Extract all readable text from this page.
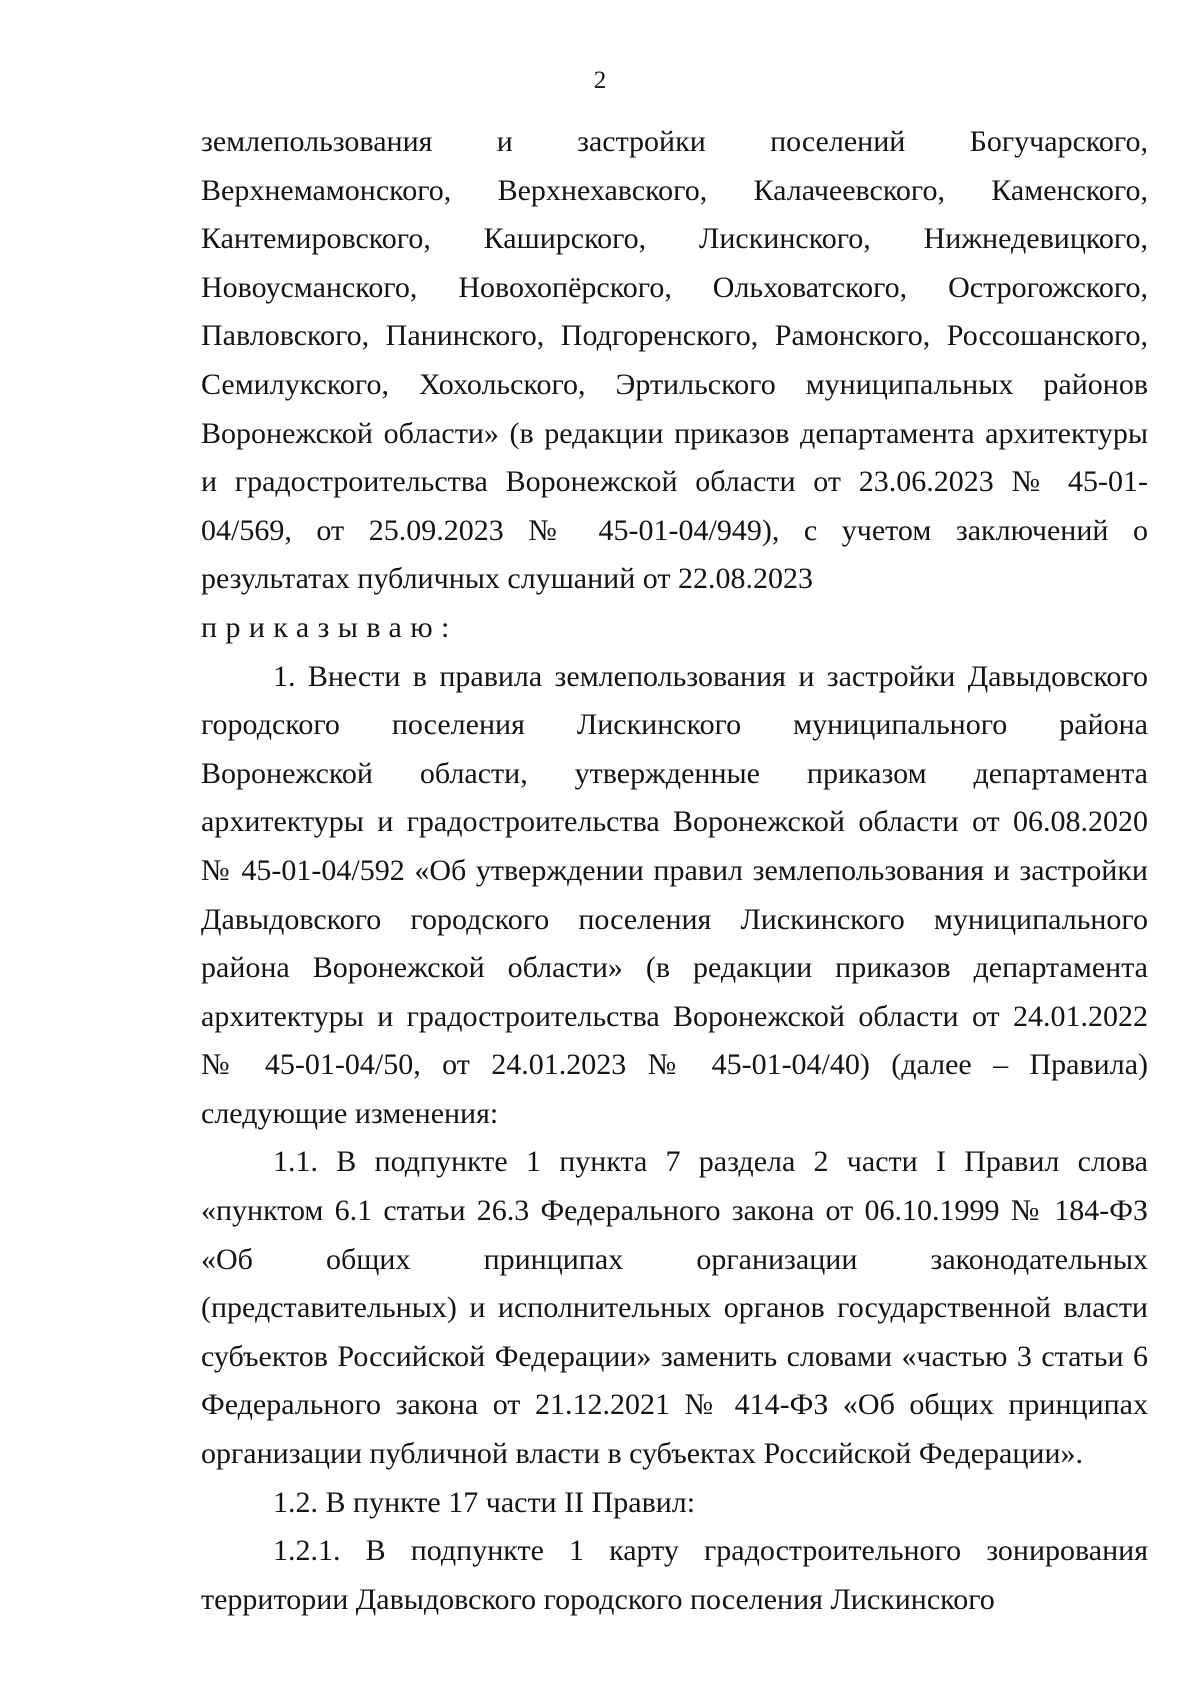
2

землепользования и застройки поселений Богучарского, Верхнемамонского, Верхнехавского, Калачеевского, Каменского, Кантемировского, Каширского, Лискинского, Нижнедевицкого, Новоусманского, Новохопёрского, Ольховатского, Острогожского, Павловского, Панинского, Подгоренского, Рамонского, Россошанского, Семилукского, Хохольского, Эртильского муниципальных районов Воронежской области» (в редакции приказов департамента архитектуры и градостроительства Воронежской области от 23.06.2023 № 45-01-04/569, от 25.09.2023 № 45-01-04/949), с учетом заключений о результатах публичных слушаний от 22.08.2023

приказываю:

1. Внести в правила землепользования и застройки Давыдовского городского поселения Лискинского муниципального района Воронежской области, утвержденные приказом департамента архитектуры и градостроительства Воронежской области от 06.08.2020 № 45-01-04/592 «Об утверждении правил землепользования и застройки Давыдовского городского поселения Лискинского муниципального района Воронежской области» (в редакции приказов департамента архитектуры и градостроительства Воронежской области от 24.01.2022 № 45-01-04/50, от 24.01.2023 № 45-01-04/40) (далее – Правила) следующие изменения:

1.1. В подпункте 1 пункта 7 раздела 2 части I Правил слова «пунктом 6.1 статьи 26.3 Федерального закона от 06.10.1999 № 184-ФЗ «Об общих принципах организации законодательных (представительных) и исполнительных органов государственной власти субъектов Российской Федерации» заменить словами «частью 3 статьи 6 Федерального закона от 21.12.2021 № 414-ФЗ «Об общих принципах организации публичной власти в субъектах Российской Федерации».

1.2. В пункте 17 части II Правил:

1.2.1. В подпункте 1 карту градостроительного зонирования территории Давыдовского городского поселения Лискинского
